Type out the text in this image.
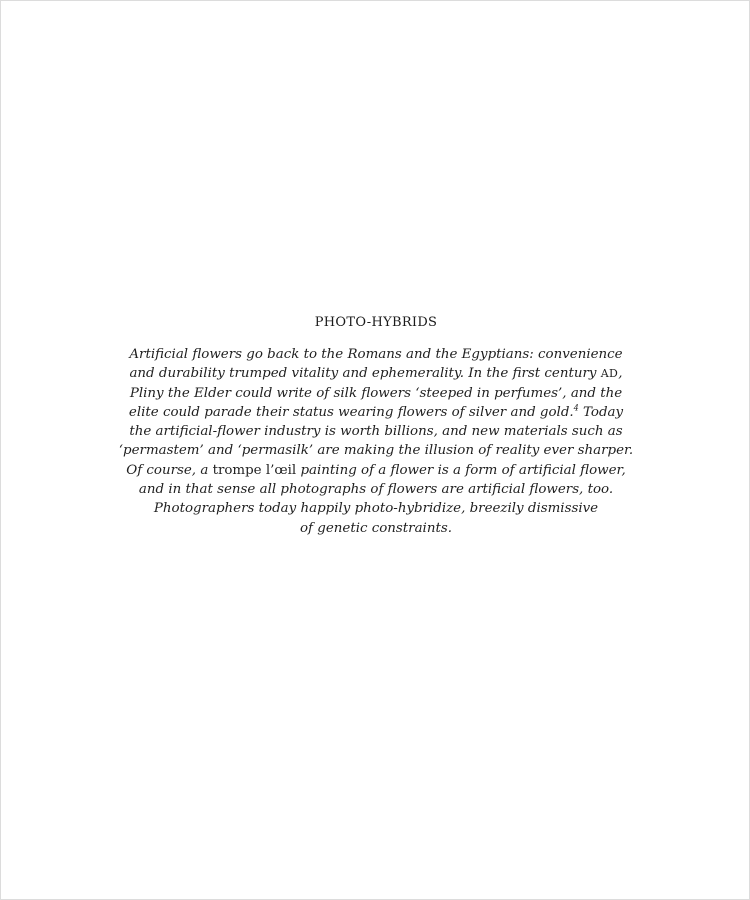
PHOTO-HYBRIDS
Artificial flowers go back to the Romans and the Egyptians: convenience
and durability trumped vitality and ephemerality. In the first century AD,
Pliny the Elder could write of silk flowers ‘steeped in perfumes’, and the
elite could parade their status wearing flowers of silver and gold.$^4$ Today
the artificial-flower industry is worth billions, and new materials such as
‘permastem’ and ‘permasilk’ are making the illusion of reality ever sharper.
Of course, a trompe l’œil painting of a flower is a form of artificial flower,
and in that sense all photographs of flowers are artificial flowers, too.
Photographers today happily photo-hybridize, breezily dismissive
of genetic constraints.
